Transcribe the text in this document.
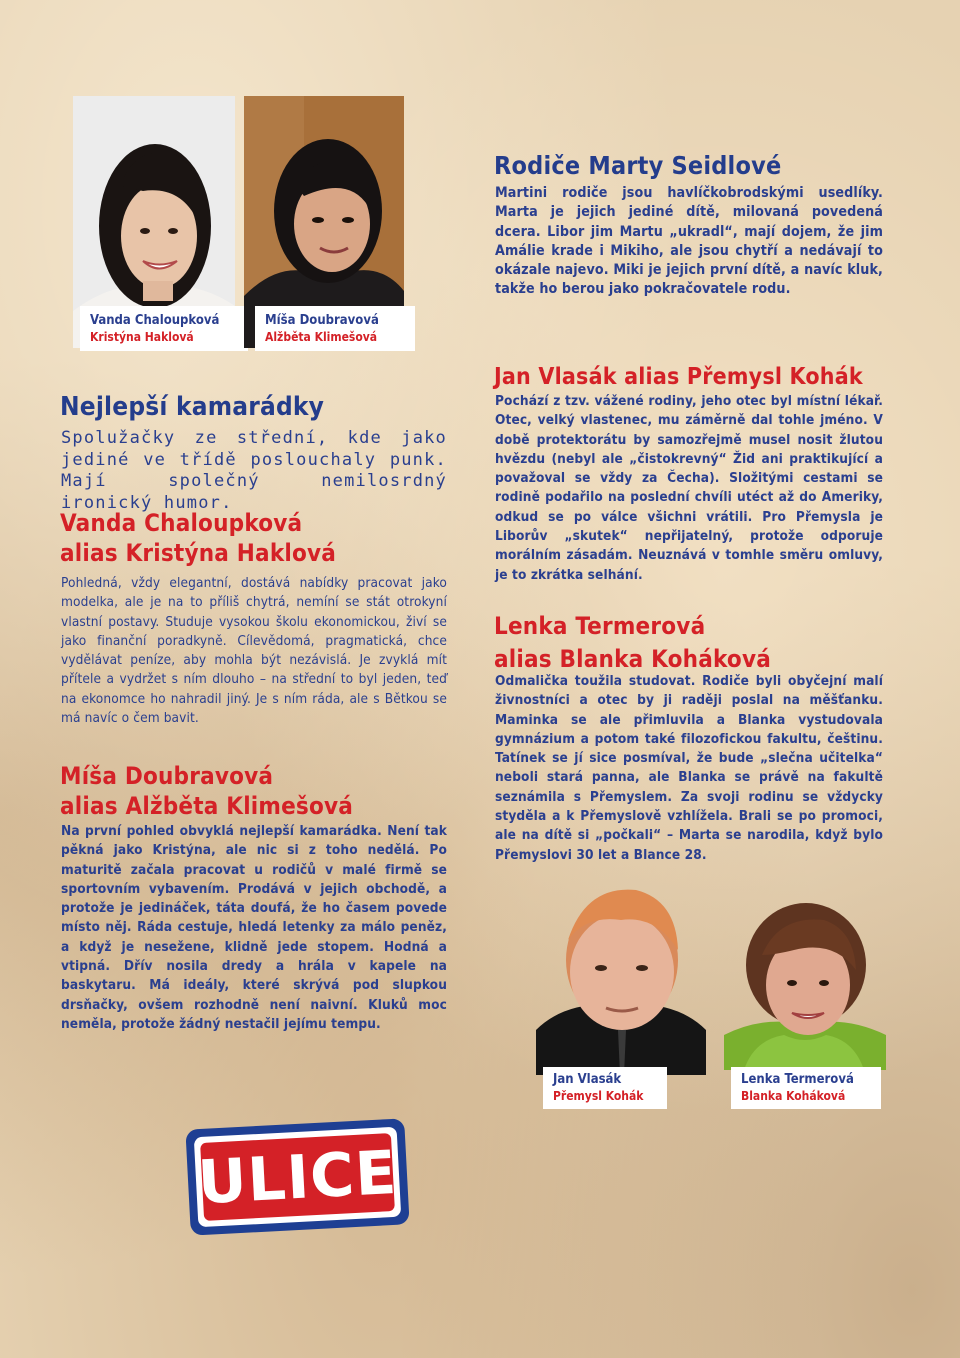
Vanda Chaloupková
Kristýna Haklová
Míša Doubravová
Alžběta Klimešová
Nejlepší kamarádky
Spolužačky ze střední, kde jako jediné ve třídě poslouchaly punk. Mají společný nemilosrdný ironický humor.
Vanda Chaloupková
alias Kristýna Haklová
Pohledná, vždy elegantní, dostává nabídky pracovat jako modelka, ale je na to příliš chytrá, nemíní se stát otrokyní vlastní postavy. Studuje vysokou školu ekonomickou, živí se jako finanční poradkyně. Cílevědomá, pragmatická, chce vydělávat peníze, aby mohla být nezávislá. Je zvyklá mít přítele a vydržet s ním dlouho – na střední to byl jeden, teď na ekonomce ho nahradil jiný. Je s ním ráda, ale s Bětkou se má navíc o čem bavit.
Míša Doubravová
alias Alžběta Klimešová
Na první pohled obvyklá nejlepší kamarádka. Není tak pěkná jako Kristýna, ale nic si z toho nedělá. Po maturitě začala pracovat u rodičů v malé firmě se sportovním vybavením. Prodává v jejich obchodě, a protože je jedináček, táta doufá, že ho časem povede místo něj. Ráda cestuje, hledá letenky za málo peněz, a když je nesežene, klidně jede stopem. Hodná a vtipná. Dřív nosila dredy a hrála v kapele na baskytaru. Má ideály, které skrývá pod slupkou drsňačky, ovšem rozhodně není naivní. Kluků moc neměla, protože žádný nestačil jejímu tempu.
Rodiče Marty Seidlové
Martini rodiče jsou havlíčkobrodskými usedlíky. Marta je jejich jediné dítě, milovaná povedená dcera. Libor jim Martu „ukradl“, mají dojem, že jim Amálie krade i Mikiho, ale jsou chytří a nedávají to okázale najevo. Miki je jejich první dítě, a navíc kluk, takže ho berou jako pokračovatele rodu.
Jan Vlasák alias Přemysl Kohák
Pochází z tzv. vážené rodiny, jeho otec byl místní lékař. Otec, velký vlastenec, mu záměrně dal tohle jméno. V době protektorátu by samozřejmě musel nosit žlutou hvězdu (nebyl ale „čistokrevný“ Žid ani praktikující a považoval se vždy za Čecha). Složitými cestami se rodině podařilo na poslední chvíli utéct až do Ameriky, odkud se po válce všichni vrátili. Pro Přemysla je Liborův „skutek“ nepřijatelný, protože odporuje morálním zásadám. Neuznává v tomhle směru omluvy, je to zkrátka selhání.
Lenka Termerová
alias Blanka Koháková
Odmalička toužila studovat. Rodiče byli obyčejní malí živnostníci a otec by ji raději poslal na měšťanku. Maminka se ale přimluvila a Blanka vystudovala gymnázium a potom také filozofickou fakultu, češtinu. Tatínek se jí sice posmíval, že bude „slečna učitelka“ neboli stará panna, ale Blanka se právě na fakultě seznámila s Přemyslem. Za svoji rodinu se vždycky styděla a k Přemyslově vzhlížela. Brali se po promoci, ale na dítě si „počkali“ – Marta se narodila, když bylo Přemyslovi 30 let a Blance 28.
Jan Vlasák
Přemysl Kohák
Lenka Termerová
Blanka Koháková
ULICE
